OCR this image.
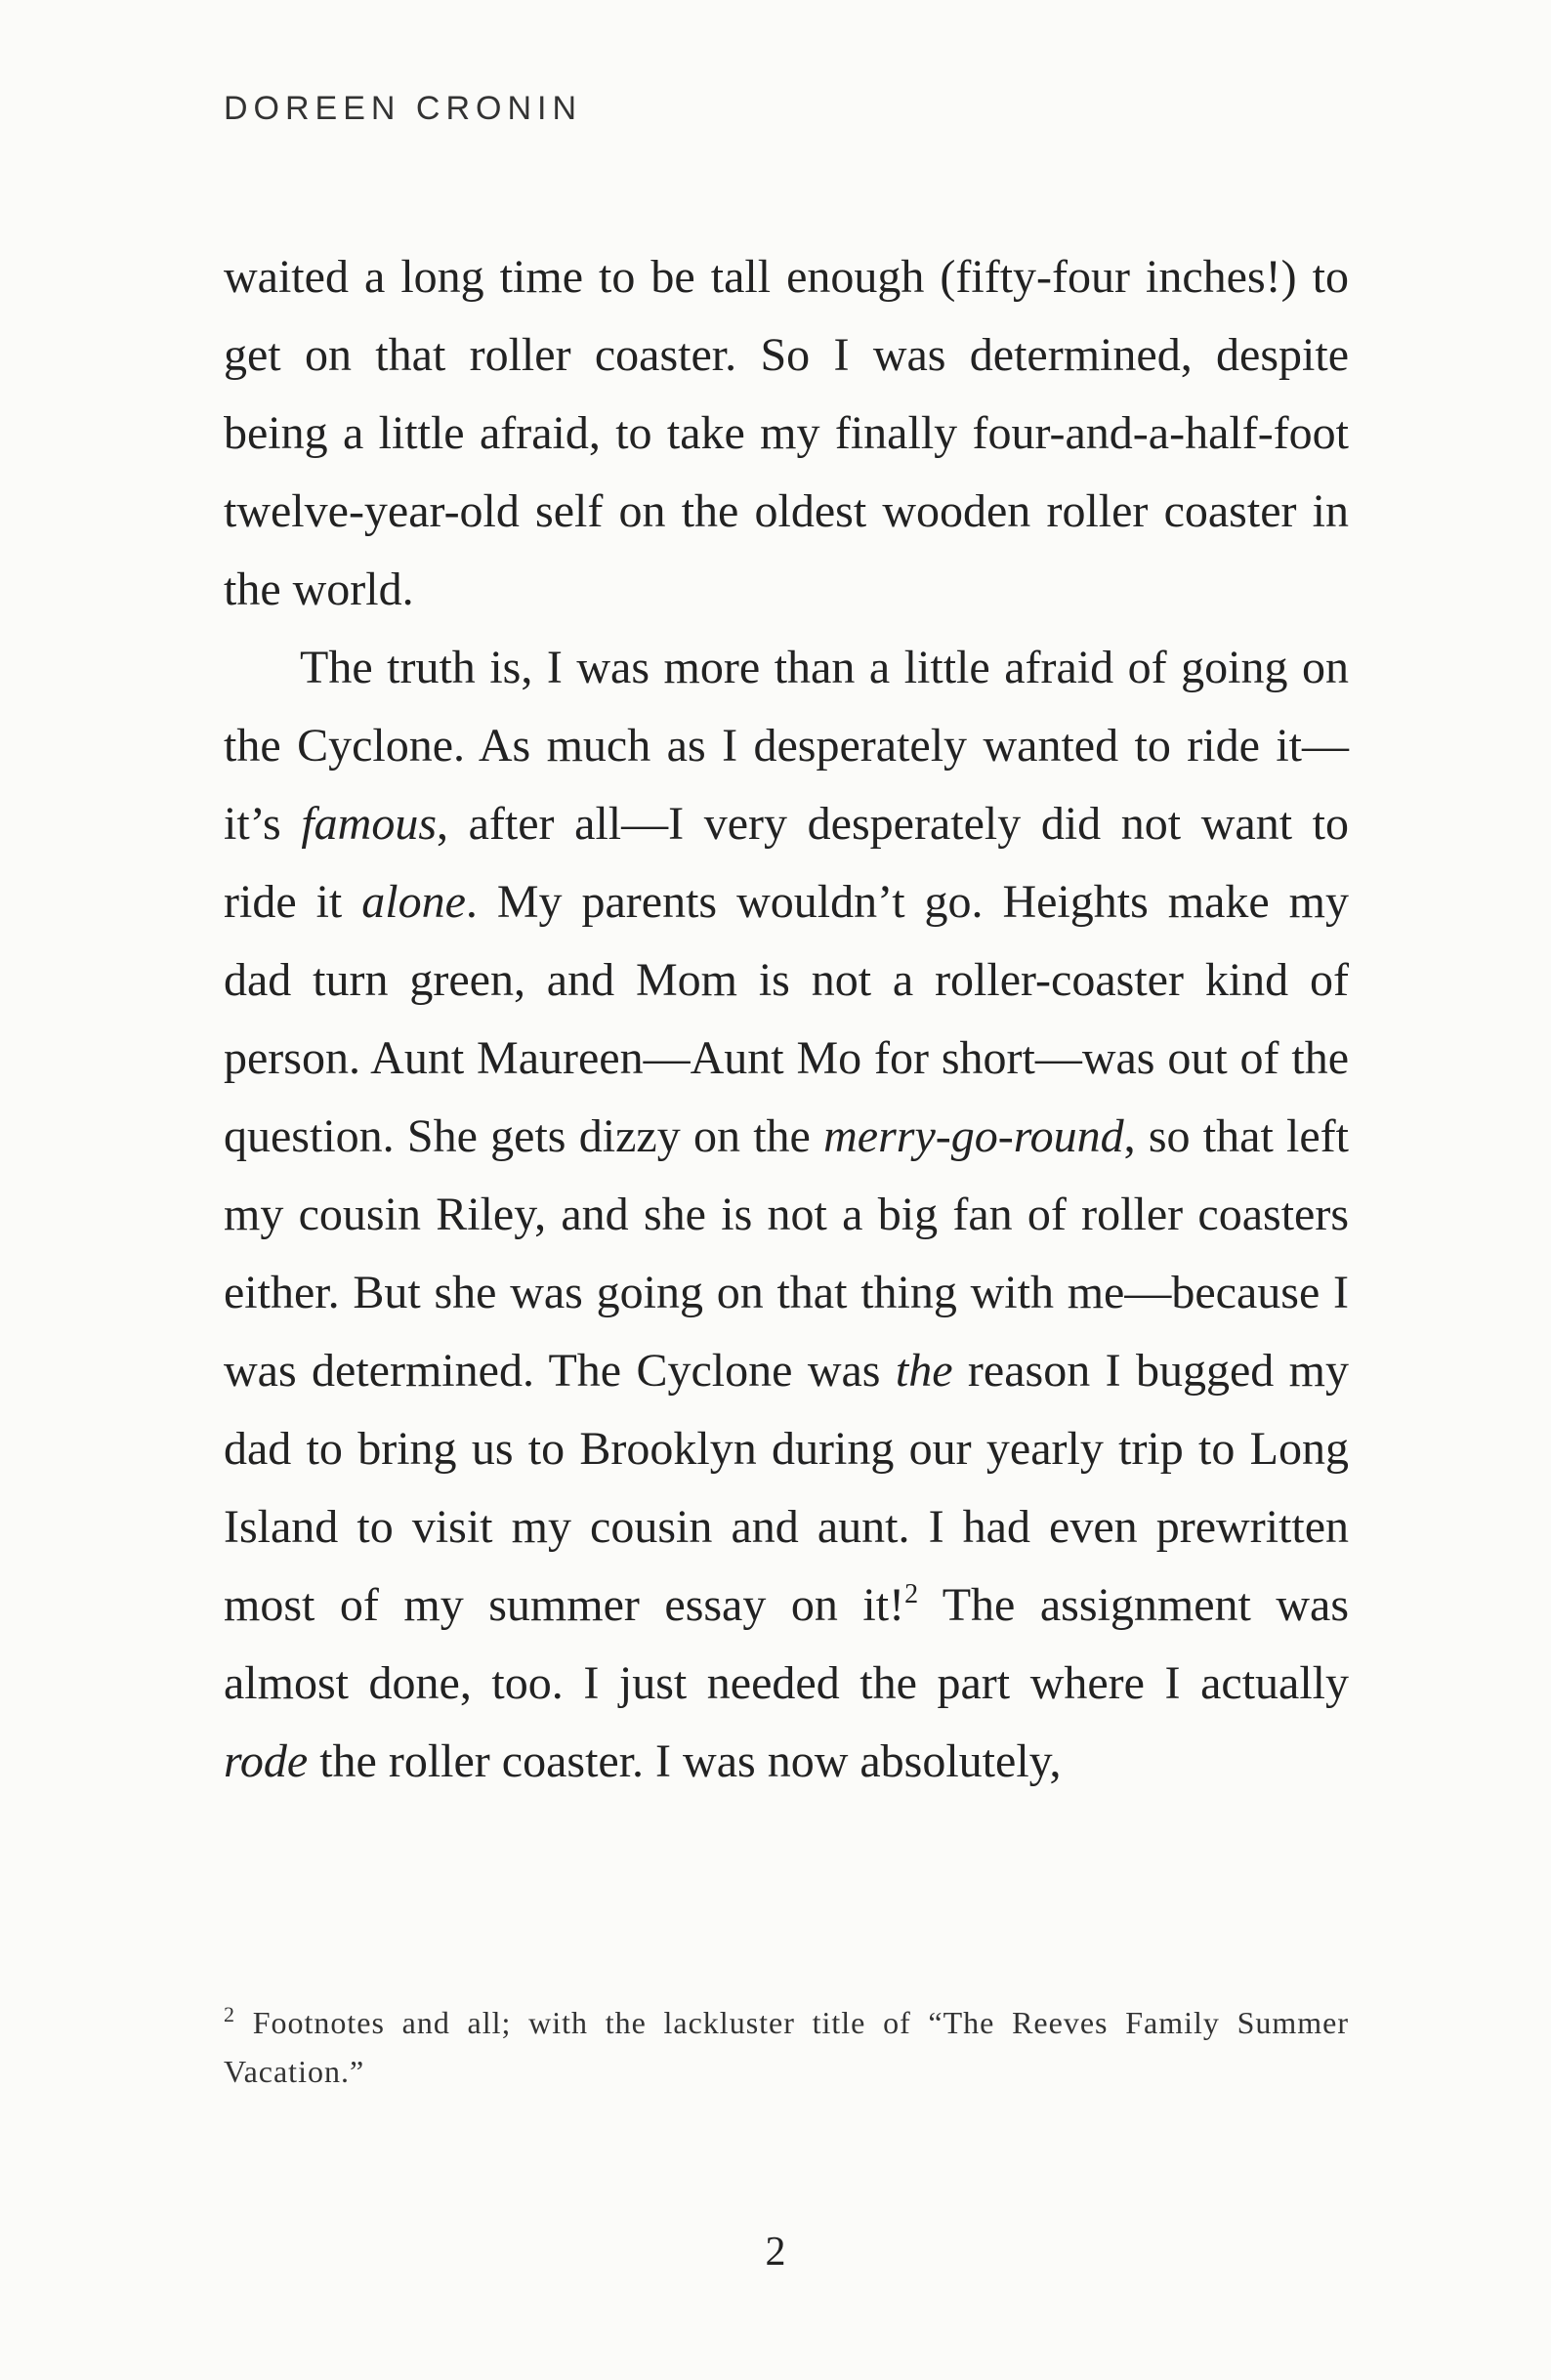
DOREEN CRONIN

waited a long time to be tall enough (fifty-four inches!) to get on that roller coaster. So I was determined, despite being a little afraid, to take my finally four-and-a-half-foot twelve-year-old self on the oldest wooden roller coaster in the world.

The truth is, I was more than a little afraid of going on the Cyclone. As much as I desperately wanted to ride it—it’s famous, after all—I very desperately did not want to ride it alone. My parents wouldn’t go. Heights make my dad turn green, and Mom is not a roller-coaster kind of person. Aunt Maureen—Aunt Mo for short—was out of the question. She gets dizzy on the merry-go-round, so that left my cousin Riley, and she is not a big fan of roller coasters either. But she was going on that thing with me—because I was determined. The Cyclone was the reason I bugged my dad to bring us to Brooklyn during our yearly trip to Long Island to visit my cousin and aunt. I had even prewritten most of my summer essay on it!$^2$ The assignment was almost done, too. I just needed the part where I actually rode the roller coaster. I was now absolutely,

$^2$ Footnotes and all; with the lackluster title of “The Reeves Family Summer Vacation.”
2
